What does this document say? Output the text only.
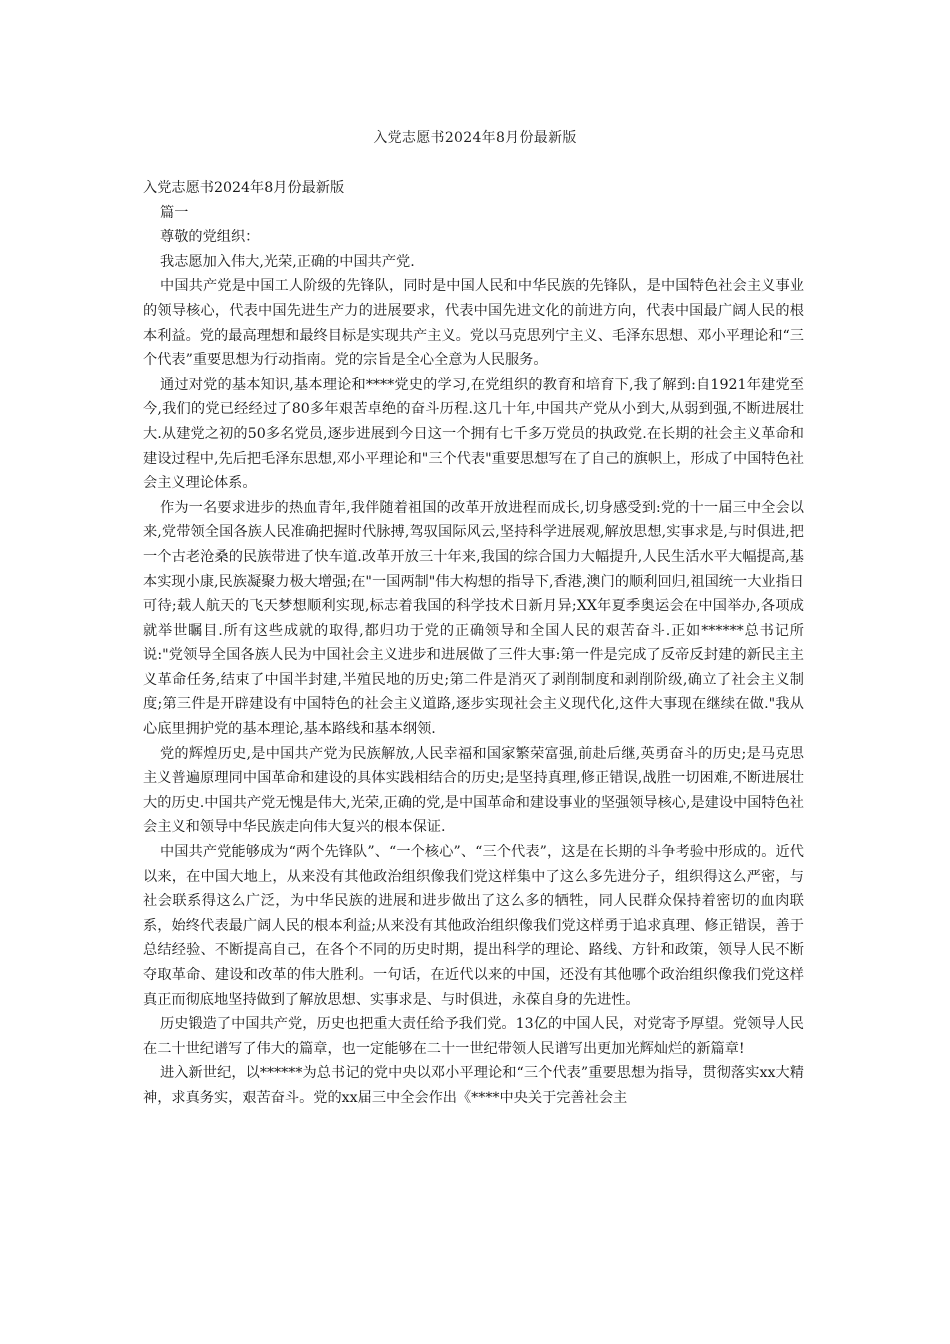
入党志愿书2024年8月份最新版

入党志愿书2024年8月份最新版

篇一

尊敬的党组织：

我志愿加入伟大,光荣,正确的中国共产党.

中国共产党是中国工人阶级的先锋队，同时是中国人民和中华民族的先锋队，是中国特色社会主义事业的领导核心，代表中国先进生产力的进展要求，代表中国先进文化的前进方向，代表中国最广阔人民的根本利益。党的最高理想和最终目标是实现共产主义。党以马克思列宁主义、毛泽东思想、邓小平理论和“三个代表”重要思想为行动指南。党的宗旨是全心全意为人民服务。

通过对党的基本知识,基本理论和****党史的学习,在党组织的教育和培育下,我了解到:自1921年建党至今,我们的党已经经过了80多年艰苦卓绝的奋斗历程.这几十年,中国共产党从小到大,从弱到强,不断进展壮大.从建党之初的50多名党员,逐步进展到今日这一个拥有七千多万党员的执政党.在长期的社会主义革命和建设过程中,先后把毛泽东思想,邓小平理论和"三个代表"重要思想写在了自己的旗帜上，形成了中国特色社会主义理论体系。

作为一名要求进步的热血青年,我伴随着祖国的改革开放进程而成长,切身感受到:党的十一届三中全会以来,党带领全国各族人民准确把握时代脉搏,驾驭国际风云,坚持科学进展观,解放思想,实事求是,与时俱进,把一个古老沧桑的民族带进了快车道.改革开放三十年来,我国的综合国力大幅提升,人民生活水平大幅提高,基本实现小康,民族凝聚力极大增强;在"一国两制"伟大构想的指导下,香港,澳门的顺利回归,祖国统一大业指日可待;载人航天的飞天梦想顺利实现,标志着我国的科学技术日新月异;XX年夏季奥运会在中国举办,各项成就举世瞩目.所有这些成就的取得,都归功于党的正确领导和全国人民的艰苦奋斗.正如******总书记所说:"党领导全国各族人民为中国社会主义进步和进展做了三件大事:第一件是完成了反帝反封建的新民主主义革命任务,结束了中国半封建,半殖民地的历史;第二件是消灭了剥削制度和剥削阶级,确立了社会主义制度;第三件是开辟建设有中国特色的社会主义道路,逐步实现社会主义现代化,这件大事现在继续在做."我从心底里拥护党的基本理论,基本路线和基本纲领.

党的辉煌历史,是中国共产党为民族解放,人民幸福和国家繁荣富强,前赴后继,英勇奋斗的历史;是马克思主义普遍原理同中国革命和建设的具体实践相结合的历史;是坚持真理,修正错误,战胜一切困难,不断进展壮大的历史.中国共产党无愧是伟大,光荣,正确的党,是中国革命和建设事业的坚强领导核心,是建设中国特色社会主义和领导中华民族走向伟大复兴的根本保证.

中国共产党能够成为“两个先锋队”、“一个核心”、“三个代表”，这是在长期的斗争考验中形成的。近代以来，在中国大地上，从来没有其他政治组织像我们党这样集中了这么多先进分子，组织得这么严密，与社会联系得这么广泛，为中华民族的进展和进步做出了这么多的牺牲，同人民群众保持着密切的血肉联系，始终代表最广阔人民的根本利益;从来没有其他政治组织像我们党这样勇于追求真理、修正错误，善于总结经验、不断提高自己，在各个不同的历史时期，提出科学的理论、路线、方针和政策，领导人民不断夺取革命、建设和改革的伟大胜利。一句话，在近代以来的中国，还没有其他哪个政治组织像我们党这样真正而彻底地坚持做到了解放思想、实事求是、与时俱进，永葆自身的先进性。

历史锻造了中国共产党，历史也把重大责任给予我们党。13亿的中国人民，对党寄予厚望。党领导人民在二十世纪谱写了伟大的篇章，也一定能够在二十一世纪带领人民谱写出更加光辉灿烂的新篇章!

进入新世纪，以******为总书记的党中央以邓小平理论和“三个代表”重要思想为指导，贯彻落实xx大精神，求真务实，艰苦奋斗。党的xx届三中全会作出《****中央关于完善社会主
